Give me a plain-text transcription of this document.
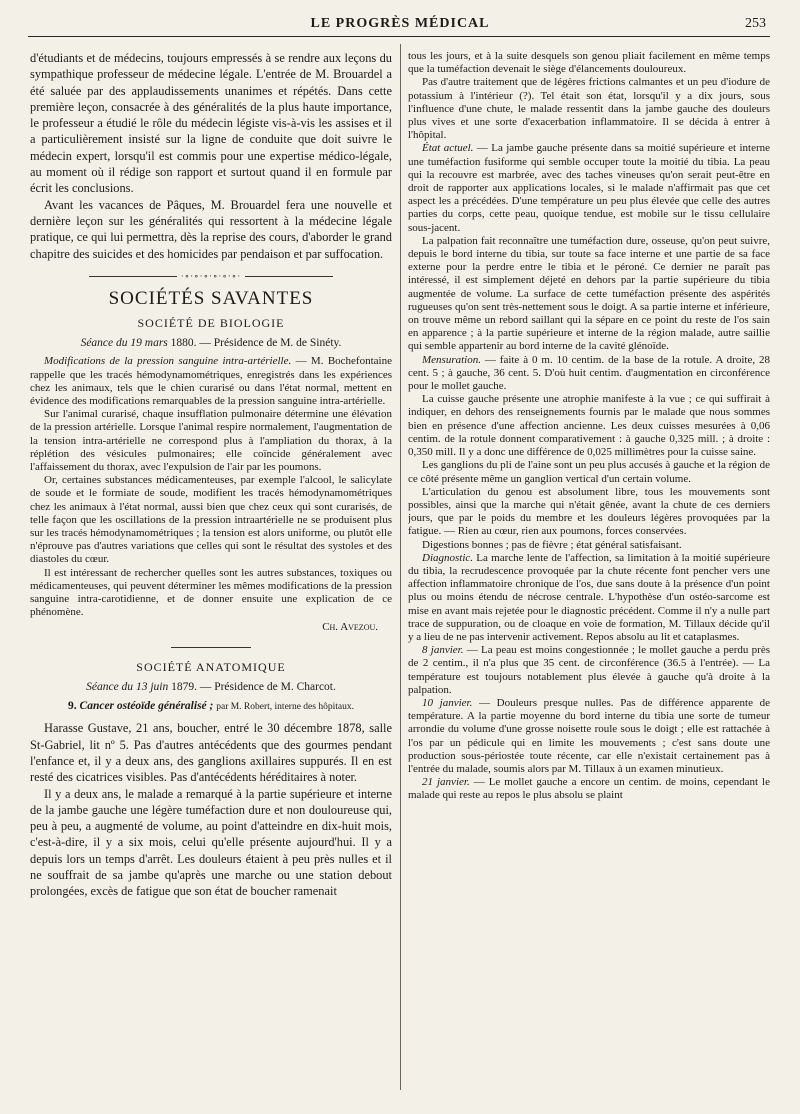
LE PROGRÈS MÉDICAL	253

d'étudiants et de médecins, toujours empressés à se rendre aux leçons du sympathique professeur de médecine légale. L'entrée de M. Brouardel a été saluée par des applaudissements unanimes et répétés. Dans cette première leçon, consacrée à des généralités de la plus haute importance, le professeur a étudié le rôle du médecin légiste vis-à-vis les assises et il a particulièrement insisté sur la ligne de conduite que doit suivre le médecin expert, lorsqu'il est commis pour une expertise médico-légale, au moment où il rédige son rapport et surtout quand il en formule par écrit les conclusions.

Avant les vacances de Pâques, M. Brouardel fera une nouvelle et dernière leçon sur les généralités qui ressortent à la médecine légale pratique, ce qui lui permettra, dès la reprise des cours, d'aborder le grand chapitre des suicides et des homicides par pendaison et par suffocation.

·∘·∘·∘·∘·∘·∘·
SOCIÉTÉS SAVANTES
SOCIÉTÉ DE BIOLOGIE
Séance du 19 mars 1880. — Présidence de M. de Sinéty.

Modifications de la pression sanguine intra-artérielle. — M. Bochefontaine rappelle que les tracés hémodynamométriques, enregistrés dans les expériences chez les animaux, tels que le chien curarisé ou dans l'état normal, mettent en évidence des modifications remarquables de la pression sanguine intra-artérielle.

Sur l'animal curarisé, chaque insufflation pulmonaire détermine une élévation de la pression artérielle. Lorsque l'animal respire normalement, l'augmentation de la tension intra-artérielle ne correspond plus à l'ampliation du thorax, à la réplétion des vésicules pulmonaires; elle coïncide généralement avec l'affaissement du thorax, avec l'expulsion de l'air par les poumons.

Or, certaines substances médicamenteuses, par exemple l'alcool, le salicylate de soude et le formiate de soude, modifient les tracés hémodynamométriques chez les animaux à l'état normal, aussi bien que chez ceux qui sont curarisés, de telle façon que les oscillations de la pression intraartérielle ne se produisent plus sur les tracés hémodynamométriques ; la tension est alors uniforme, ou plutôt elle n'éprouve pas d'autres variations que celles qui sont le résultat des systoles et des diastoles du cœur.

Il est intéressant de rechercher quelles sont les autres substances, toxiques ou médicamenteuses, qui peuvent déterminer les mêmes modifications de la pression sanguine intra-carotidienne, et de donner ensuite une explication de ce phénomène.

Ch. Avezou.
SOCIÉTÉ ANATOMIQUE
Séance du 13 juin 1879. — Présidence de M. Charcot.
9. Cancer ostéoïde généralisé ; par M. Robert, interne des hôpitaux.

Harasse Gustave, 21 ans, boucher, entré le 30 décembre 1878, salle St-Gabriel, lit nº 5. Pas d'autres antécédents que des gourmes pendant l'enfance et, il y a deux ans, des ganglions axillaires suppurés. Il en est resté des cicatrices visibles. Pas d'antécédents héréditaires à noter.

Il y a deux ans, le malade a remarqué à la partie supérieure et interne de la jambe gauche une légère tuméfaction dure et non douloureuse qui, peu à peu, a augmenté de volume, au point d'atteindre en dix-huit mois, c'est-à-dire, il y a six mois, celui qu'elle présente aujourd'hui. Il y a depuis lors un temps d'arrêt. Les douleurs étaient à peu près nulles et il ne souffrait de sa jambe qu'après une marche ou une station debout prolongées, excès de fatigue que son état de boucher ramenait

tous les jours, et à la suite desquels son genou pliait facilement en même temps que la tuméfaction devenait le siège d'élancements douloureux.

Pas d'autre traitement que de légères frictions calmantes et un peu d'iodure de potassium à l'intérieur (?). Tel était son état, lorsqu'il y a dix jours, sous l'influence d'une chute, le malade ressentit dans la jambe gauche des douleurs plus vives et une sorte d'exacerbation inflammatoire. Il se décida à entrer à l'hôpital.

État actuel. — La jambe gauche présente dans sa moitié supérieure et interne une tuméfaction fusiforme qui semble occuper toute la moitié du tibia. La peau qui la recouvre est marbrée, avec des taches vineuses qu'on serait peut-être en droit de rapporter aux applications locales, si le malade n'affirmait pas que cet aspect les a précédées. D'une température un peu plus élevée que celle des autres parties du corps, cette peau, quoique tendue, est mobile sur le tissu cellulaire sous-jacent.

La palpation fait reconnaître une tuméfaction dure, osseuse, qu'on peut suivre, depuis le bord interne du tibia, sur toute sa face interne et une partie de sa face externe pour la perdre entre le tibia et le péroné. Ce dernier ne paraît pas intéressé, il est simplement déjeté en dehors par la partie supérieure du tibia augmentée de volume. La surface de cette tuméfaction présente des aspérités rugueuses qu'on sent très-nettement sous le doigt. A sa partie interne et inférieure, on trouve même un rebord saillant qui la sépare en ce point du reste de l'os sain en apparence ; à la partie supérieure et interne de la région malade, autre saillie qui semble appartenir au bord interne de la cavité glénoïde.

Mensuration. — faite à 0 m. 10 centim. de la base de la rotule. A droite, 28 cent. 5 ; à gauche, 36 cent. 5. D'où huit centim. d'augmentation en circonférence pour le mollet gauche.

La cuisse gauche présente une atrophie manifeste à la vue ; ce qui suffirait à indiquer, en dehors des renseignements fournis par le malade que nous sommes bien en présence d'une affection ancienne. Les deux cuisses mesurées à 0,06 centim. de la rotule donnent comparativement : à gauche 0,325 mill. ; à droite : 0,350 mill. Il y a donc une différence de 0,025 millimètres pour la cuisse saine.

Les ganglions du pli de l'aine sont un peu plus accusés à gauche et la région de ce côté présente même un ganglion vertical d'un certain volume.

L'articulation du genou est absolument libre, tous les mouvements sont possibles, ainsi que la marche qui n'était gênée, avant la chute de ces derniers jours, que par le poids du membre et les douleurs légères provoquées par la fatigue. — Rien au cœur, rien aux poumons, forces conservées.

Digestions bonnes ; pas de fièvre ; état général satisfaisant.

Diagnostic. La marche lente de l'affection, sa limitation à la moitié supérieure du tibia, la recrudescence provoquée par la chute récente font pencher vers une affection inflammatoire chronique de l'os, due sans doute à la présence d'un point plus ou moins étendu de nécrose centrale. L'hypothèse d'un ostéo-sarcome est mise en avant mais rejetée pour le diagnostic précédent. Comme il n'y a nulle part trace de suppuration, ou de cloaque en voie de formation, M. Tillaux décide qu'il y a lieu de ne pas intervenir activement. Repos absolu au lit et cataplasmes.

8 janvier. — La peau est moins congestionnée ; le mollet gauche a perdu près de 2 centim., il n'a plus que 35 cent. de circonférence (36.5 à l'entrée). — La température est toujours notablement plus élevée à gauche qu'à droite à la palpation.

10 janvier. — Douleurs presque nulles. Pas de différence apparente de température. A la partie moyenne du bord interne du tibia une sorte de tumeur arrondie du volume d'une grosse noisette roule sous le doigt ; elle est rattachée à l'os par un pédicule qui en limite les mouvements ; c'est sans doute une production sous-périostée toute récente, car elle n'existait certainement pas à l'entrée du malade, soumis alors par M. Tillaux à un examen minutieux.

21 janvier. — Le mollet gauche a encore un centim. de moins, cependant le malade qui reste au repos le plus absolu se plaint
